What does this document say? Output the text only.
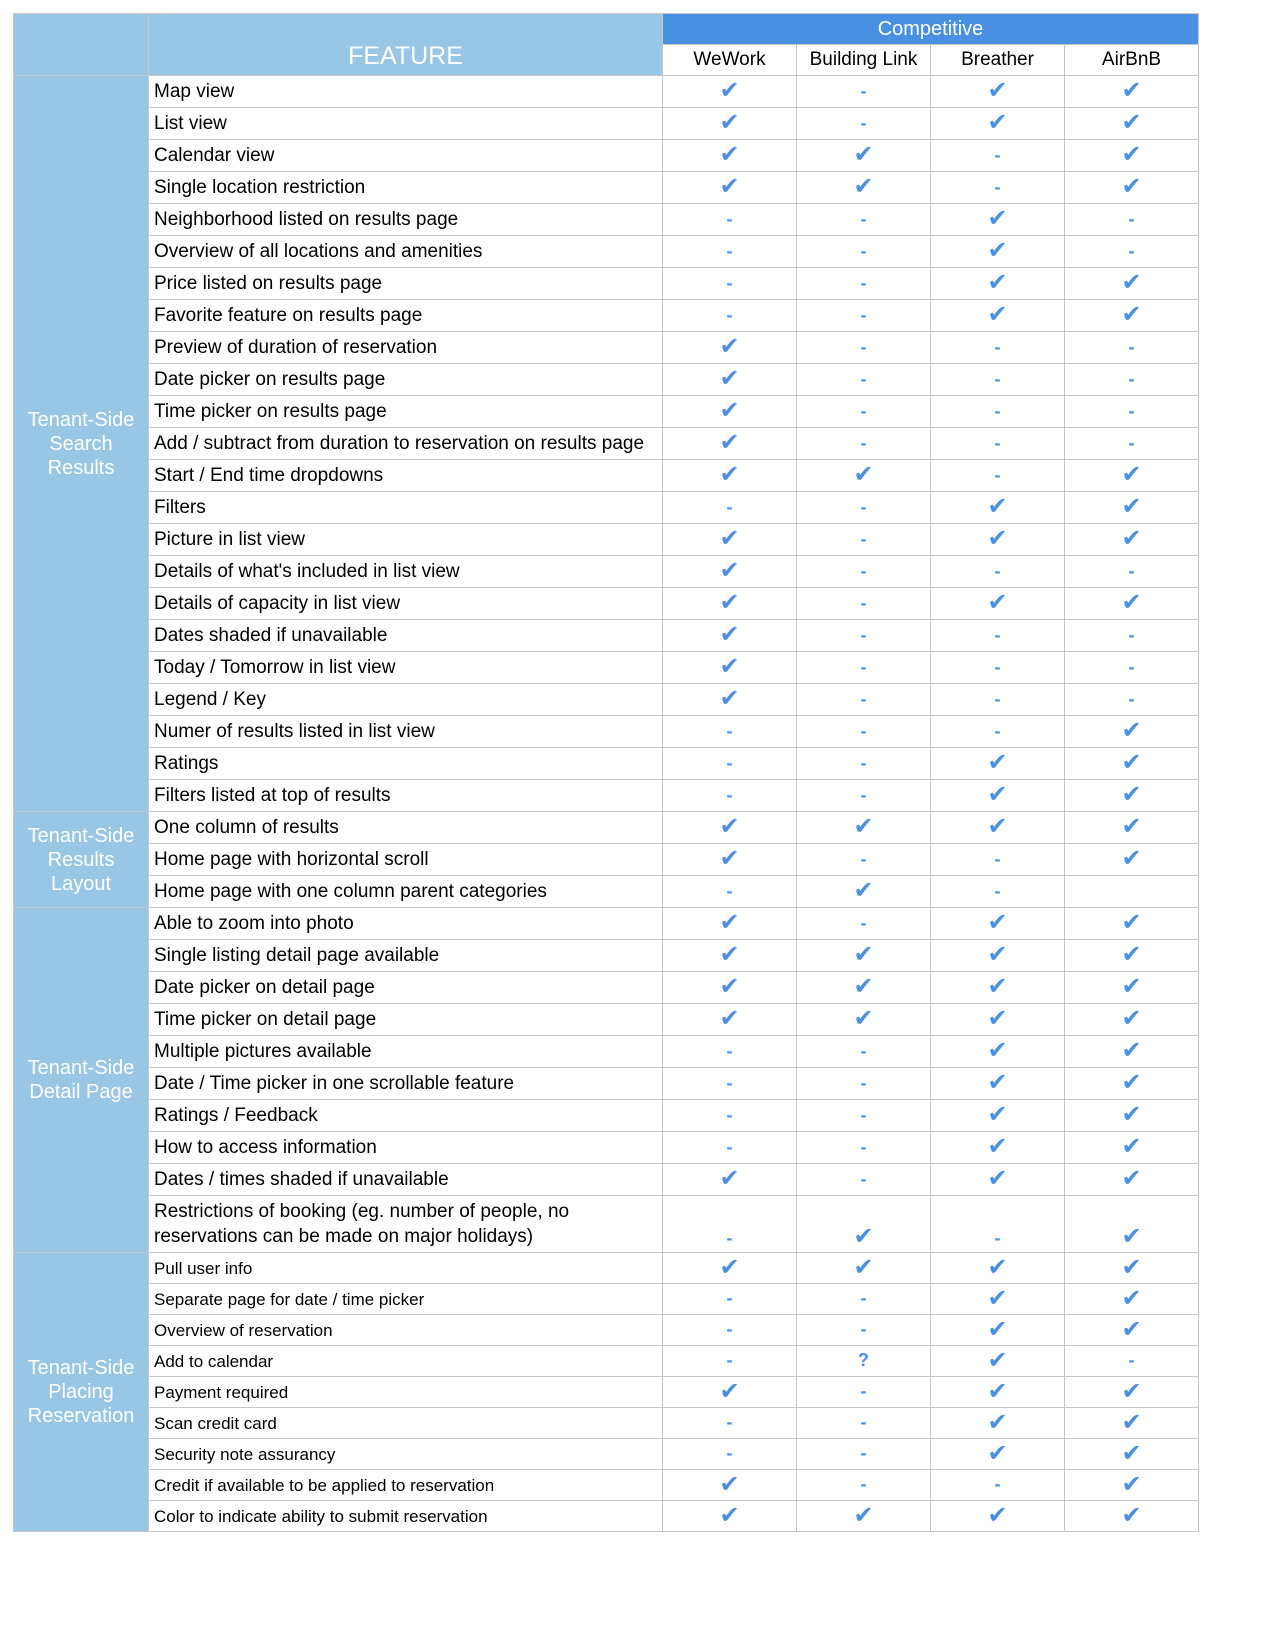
	FEATURE	Competitive			
		WeWork	Building Link	Breather	AirBnB

Tenant-Side
Search
Results	Map view	✔	-	✔	✔
	List view	✔	-	✔	✔
	Calendar view	✔	✔	-	✔
	Single location restriction	✔	✔	-	✔
	Neighborhood listed on results page	-	-	✔	-
	Overview of all locations and amenities	-	-	✔	-
	Price listed on results page	-	-	✔	✔
	Favorite feature on results page	-	-	✔	✔
	Preview of duration of reservation	✔	-	-	-
	Date picker on results page	✔	-	-	-
	Time picker on results page	✔	-	-	-
	Add / subtract from duration to reservation on results page	✔	-	-	-
	Start / End time dropdowns	✔	✔	-	✔
	Filters	-	-	✔	✔
	Picture in list view	✔	-	✔	✔
	Details of what's included in list view	✔	-	-	-
	Details of capacity in list view	✔	-	✔	✔
	Dates shaded if unavailable	✔	-	-	-
	Today / Tomorrow in list view	✔	-	-	-
	Legend / Key	✔	-	-	-
	Numer of results listed in list view	-	-	-	✔
	Ratings	-	-	✔	✔
	Filters listed at top of results	-	-	✔	✔

Tenant-Side
Results
Layout	One column of results	✔	✔	✔	✔
	Home page with horizontal scroll	✔	-	-	✔
	Home page with one column parent categories	-	✔	-	

Tenant-Side
Detail Page	Able to zoom into photo	✔	-	✔	✔
	Single listing detail page available	✔	✔	✔	✔
	Date picker on detail page	✔	✔	✔	✔
	Time picker on detail page	✔	✔	✔	✔
	Multiple pictures available	-	-	✔	✔
	Date / Time picker in one scrollable feature	-	-	✔	✔
	Ratings / Feedback	-	-	✔	✔
	How to access information	-	-	✔	✔
	Dates / times shaded if unavailable	✔	-	✔	✔
	Restrictions of booking (eg. number of people, no reservations can be made on major holidays)	-	✔	-	✔

Tenant-Side
Placing
Reservation	Pull user info	✔	✔	✔	✔
	Separate page for date / time picker	-	-	✔	✔
	Overview of reservation	-	-	✔	✔
	Add to calendar	-	?	✔	-
	Payment required	✔	-	✔	✔
	Scan credit card	-	-	✔	✔
	Security note assurancy	-	-	✔	✔
	Credit if available to be applied to reservation	✔	-	-	✔
	Color to indicate ability to submit reservation	✔	✔	✔	✔
